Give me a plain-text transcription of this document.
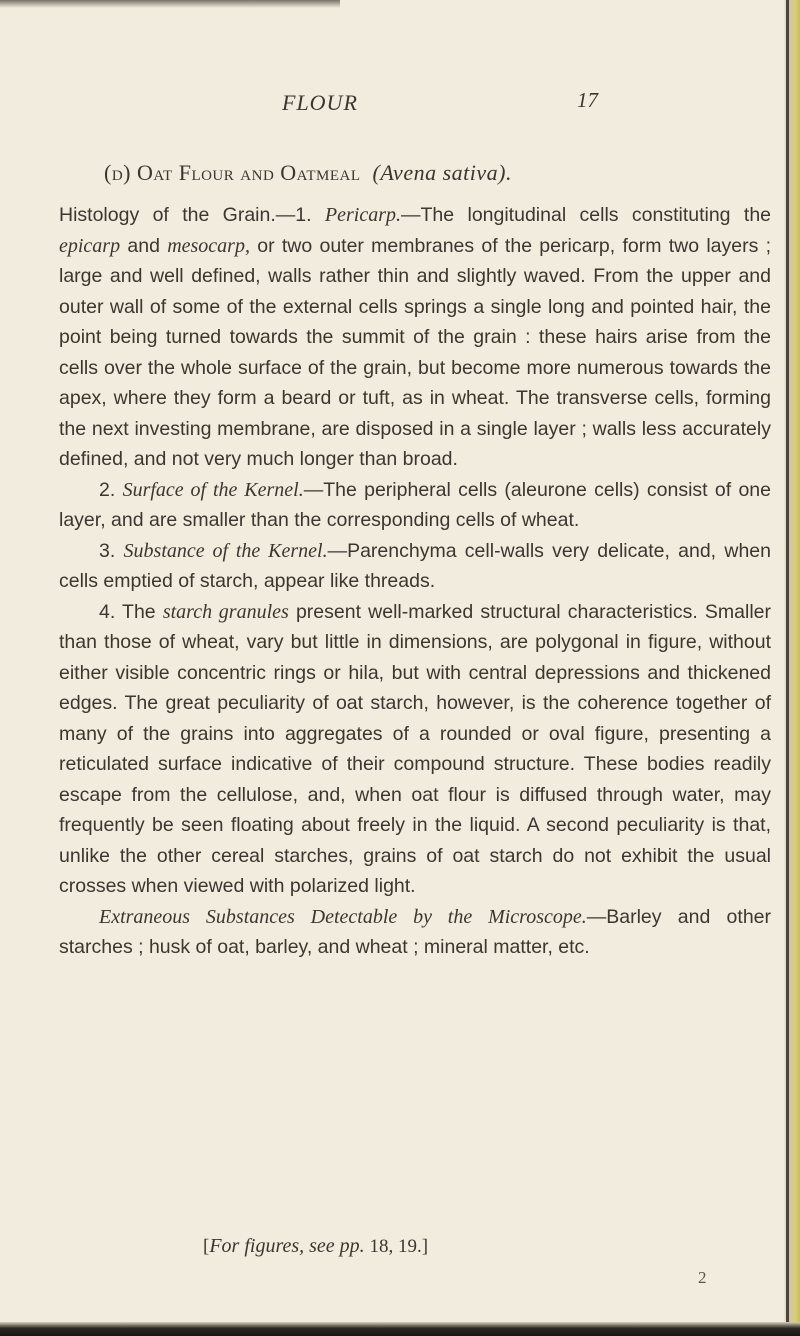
FLOUR	17
(d) Oat Flour and Oatmeal (Avena sativa).

Histology of the Grain.—1. Pericarp.—The longitudinal cells constituting the epicarp and mesocarp, or two outer membranes of the pericarp, form two layers ; large and well defined, walls rather thin and slightly waved. From the upper and outer wall of some of the external cells springs a single long and pointed hair, the point being turned towards the summit of the grain : these hairs arise from the cells over the whole surface of the grain, but become more numerous towards the apex, where they form a beard or tuft, as in wheat. The transverse cells, forming the next investing membrane, are disposed in a single layer ; walls less accurately defined, and not very much longer than broad.

2. Surface of the Kernel.—The peripheral cells (aleurone cells) consist of one layer, and are smaller than the corresponding cells of wheat.

3. Substance of the Kernel.—Parenchyma cell-walls very delicate, and, when cells emptied of starch, appear like threads.

4. The starch granules present well-marked structural characteristics. Smaller than those of wheat, vary but little in dimensions, are polygonal in figure, without either visible concentric rings or hila, but with central depressions and thickened edges. The great peculiarity of oat starch, however, is the coherence together of many of the grains into aggregates of a rounded or oval figure, presenting a reticulated surface indicative of their compound structure. These bodies readily escape from the cellulose, and, when oat flour is diffused through water, may frequently be seen floating about freely in the liquid. A second peculiarity is that, unlike the other cereal starches, grains of oat starch do not exhibit the usual crosses when viewed with polarized light.

Extraneous Substances Detectable by the Microscope.—Barley and other starches ; husk of oat, barley, and wheat ; mineral matter, etc.

[For figures, see pp. 18, 19.]
2
